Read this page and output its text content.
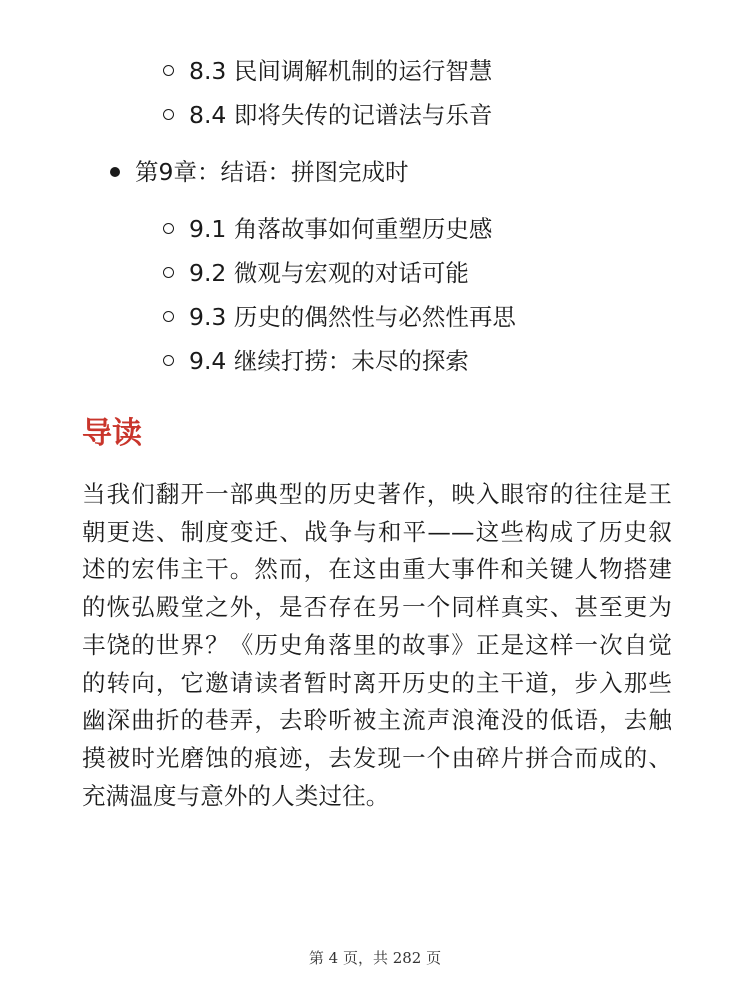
8.3 民间调解机制的运行智慧
8.4 即将失传的记谱法与乐音
第9章：结语：拼图完成时
9.1 角落故事如何重塑历史感
9.2 微观与宏观的对话可能
9.3 历史的偶然性与必然性再思
9.4 继续打捞：未尽的探索
导读

当我们翻开一部典型的历史著作，映入眼帘的往往是王朝更迭、制度变迁、战争与和平——这些构成了历史叙述的宏伟主干。然而，在这由重大事件和关键人物搭建的恢弘殿堂之外，是否存在另一个同样真实、甚至更为丰饶的世界？《历史角落里的故事》正是这样一次自觉的转向，它邀请读者暂时离开历史的主干道，步入那些幽深曲折的巷弄，去聆听被主流声浪淹没的低语，去触摸被时光磨蚀的痕迹，去发现一个由碎片拼合而成的、充满温度与意外的人类过往。

第 4 页，共 282 页
